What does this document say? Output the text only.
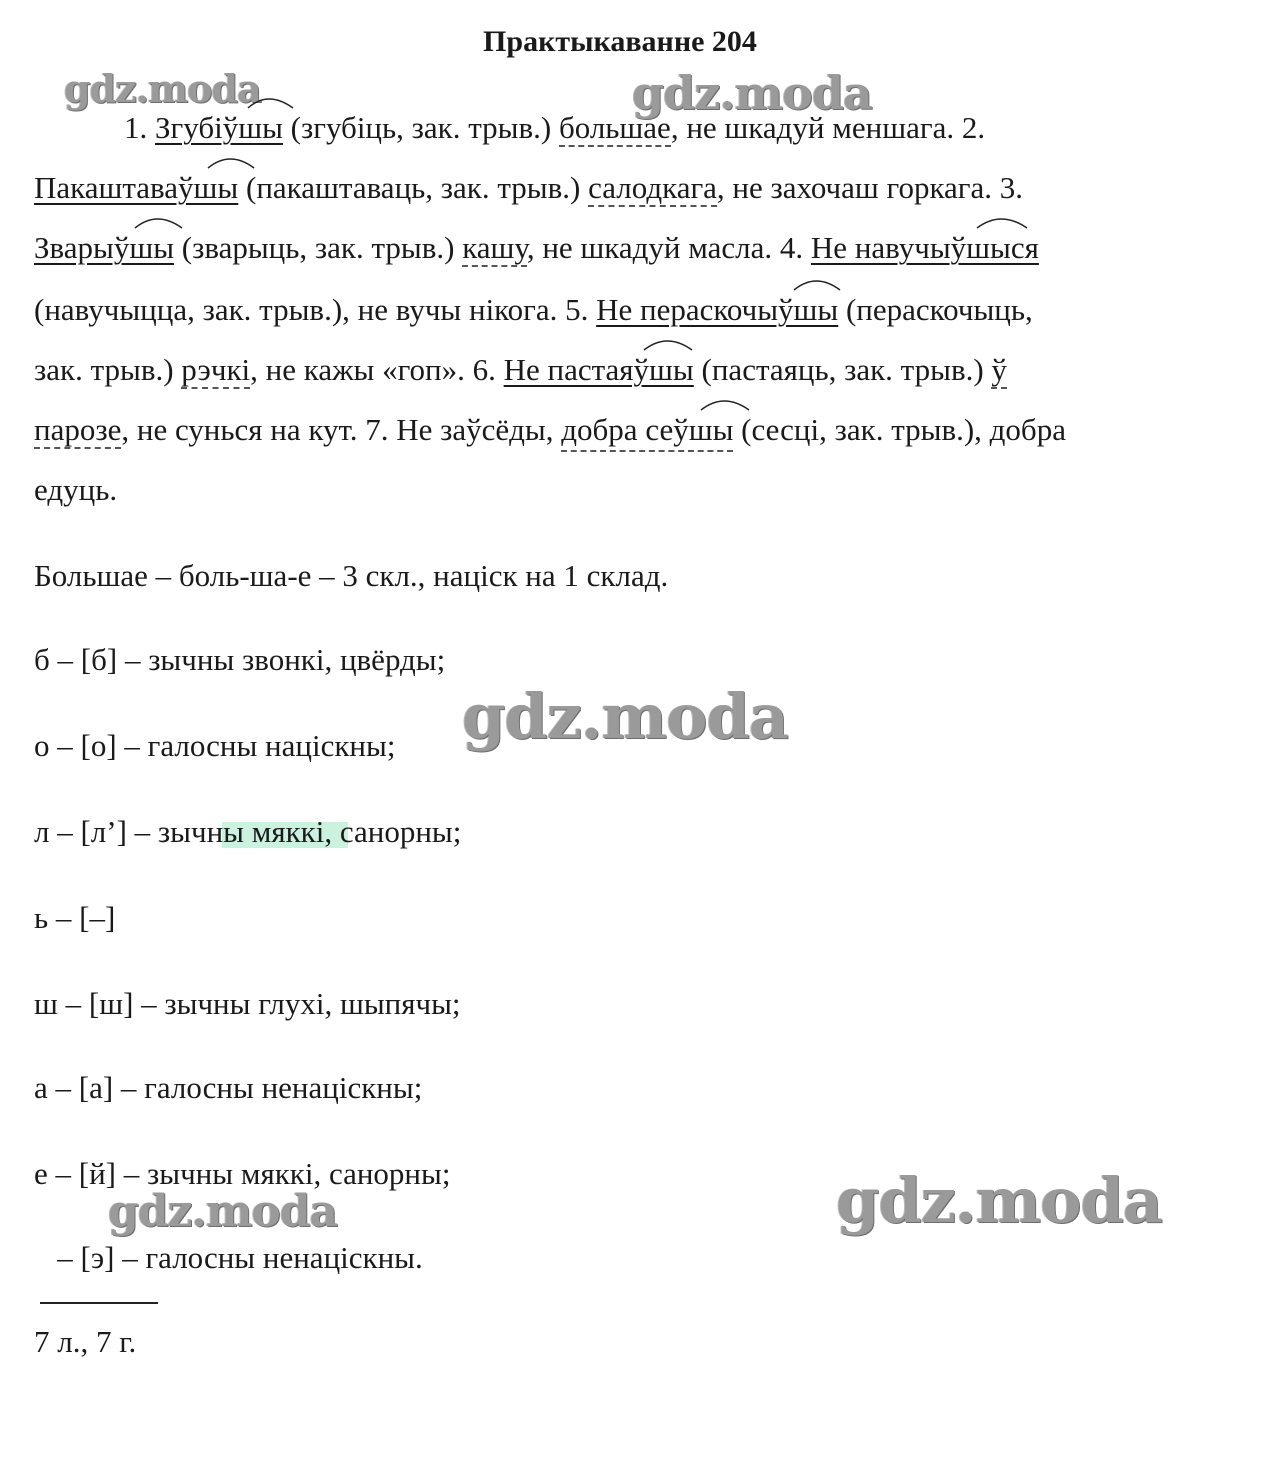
Практыкаванне 204
gdz.moda	gdz.moda
gdz.moda
gdz.moda
gdz.moda
1. Згубіўшы
(згубіць, зак. трыв.) большае, не шкадуй меншага. 2.
Пакаштаваўшы
(пакаштаваць, зак. трыв.) салодкага, не захочаш горкага. 3.
Зварыўшы
(зварыць, зак. трыв.) кашу, не шкадуй масла. 4. Не навучыўшыся
(навучыцца, зак. трыв.), не вучы нікога. 5. Не пераскочыўшы
(пераскочыць,
зак. трыв.) рэчкі, не кажы «гоп». 6. Не пастаяўшы
(пастаяць, зак. трыв.) ў
парозе, не сунься на кут. 7. Не заўсёды, добра сеўшы
(сесці, зак. трыв.), добра
едуць.
Большае – боль-ша-е – 3 скл., націск на 1 склад.
б – [б] – зычны звонкі, цвёрды;
о – [о] – галосны націскны;
л – [л’] – зычны мяккі, санорны;
ь – [–]
ш – [ш] – зычны глухі, шыпячы;
а – [а] – галосны ненаціскны;
е – [й] – зычны мяккі, санорны;
– [э] – галосны ненаціскны.
7 л., 7 г.
